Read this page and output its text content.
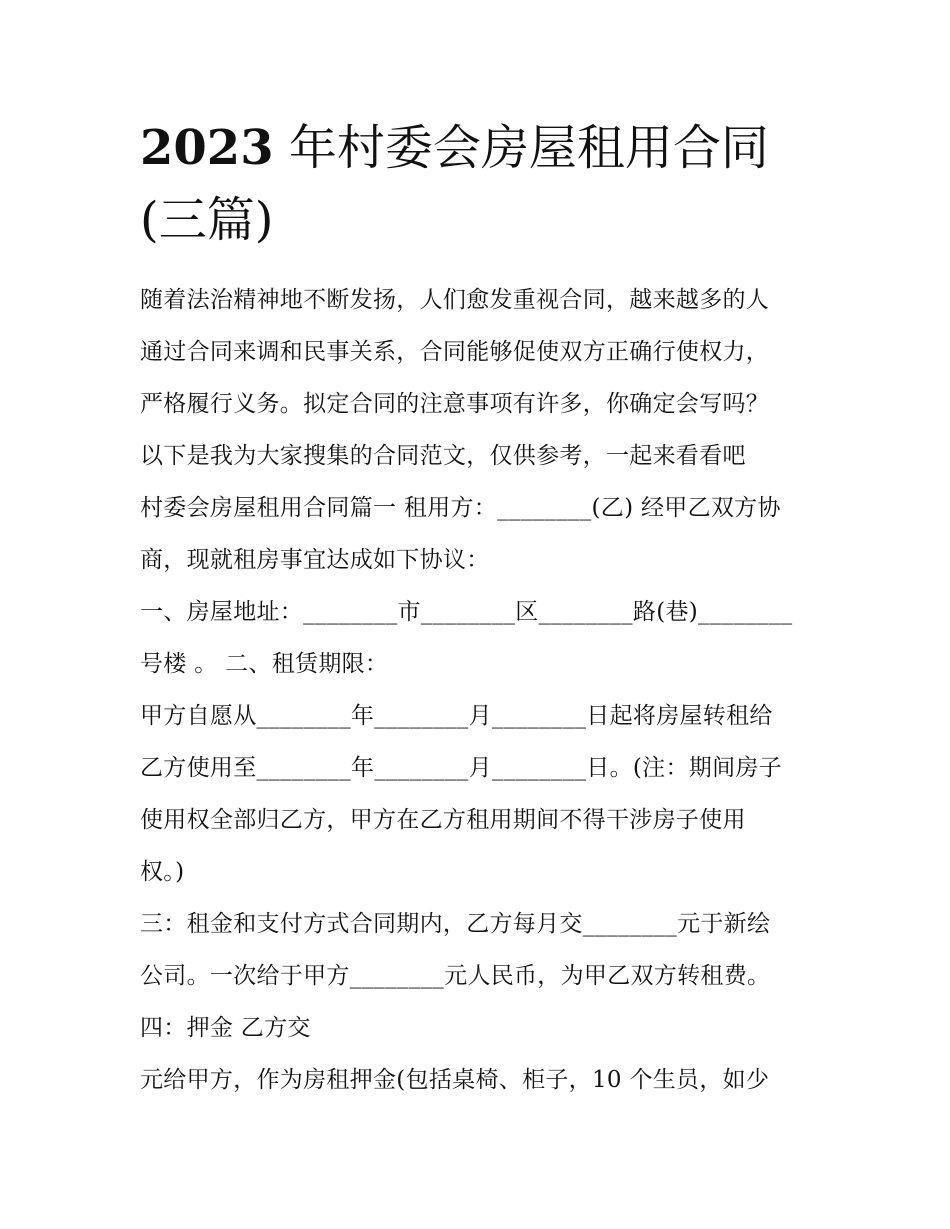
2023 年村委会房屋租用合同
(三篇)
随着法治精神地不断发扬，人们愈发重视合同，越来越多的人
通过合同来调和民事关系，合同能够促使双方正确行使权力，
严格履行义务。拟定合同的注意事项有许多，你确定会写吗？
以下是我为大家搜集的合同范文，仅供参考，一起来看看吧
村委会房屋租用合同篇一 租用方：________(乙) 经甲乙双方协
商，现就租房事宜达成如下协议：
一、房屋地址：________市________区________路(巷)________
号楼 。 二、租赁期限：
甲方自愿从________年________月________日起将房屋转租给
乙方使用至________年________月________日。(注：期间房子
使用权全部归乙方，甲方在乙方租用期间不得干涉房子使用
权。)
三：租金和支付方式合同期内，乙方每月交________元于新绘
公司。一次给于甲方________元人民币，为甲乙双方转租费。
四：押金 乙方交
元给甲方，作为房租押金(包括桌椅、柜子，10 个生员，如少
